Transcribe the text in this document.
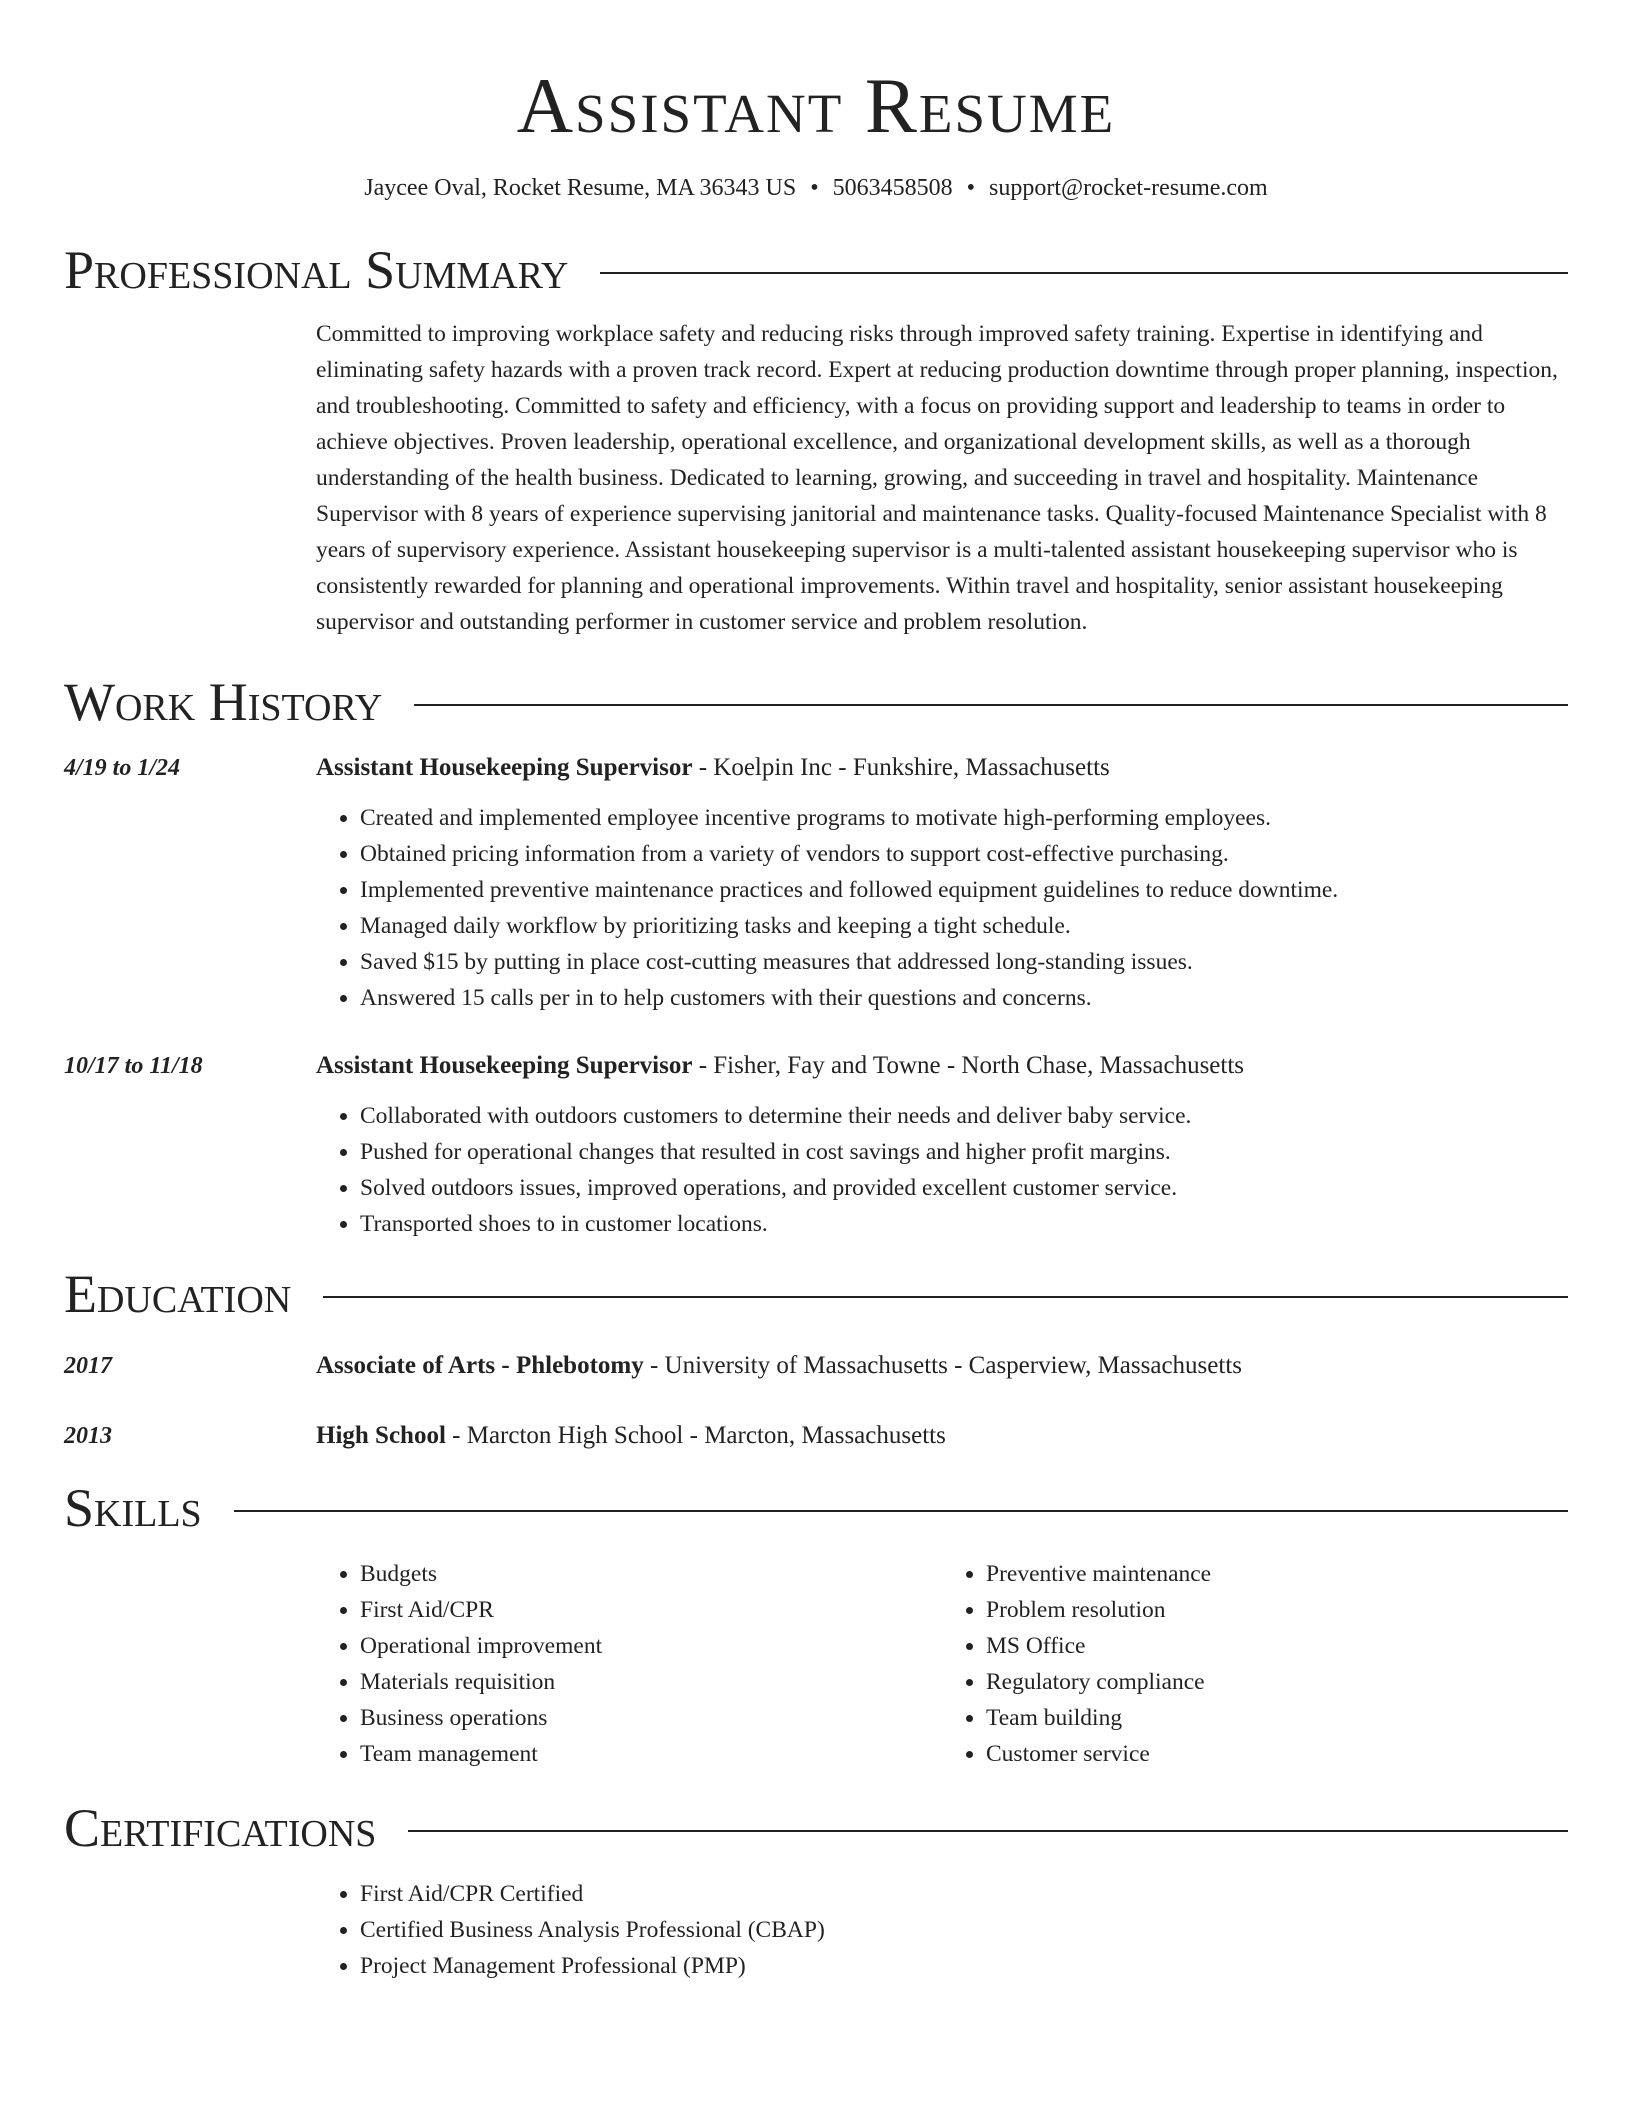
Assistant Resume
Jaycee Oval, Rocket Resume, MA 36343 US • 5063458508 • support@rocket-resume.com
Professional Summary
Committed to improving workplace safety and reducing risks through improved safety training. Expertise in identifying and eliminating safety hazards with a proven track record. Expert at reducing production downtime through proper planning, inspection, and troubleshooting. Committed to safety and efficiency, with a focus on providing support and leadership to teams in order to achieve objectives. Proven leadership, operational excellence, and organizational development skills, as well as a thorough understanding of the health business. Dedicated to learning, growing, and succeeding in travel and hospitality. Maintenance Supervisor with 8 years of experience supervising janitorial and maintenance tasks. Quality-focused Maintenance Specialist with 8 years of supervisory experience. Assistant housekeeping supervisor is a multi-talented assistant housekeeping supervisor who is consistently rewarded for planning and operational improvements. Within travel and hospitality, senior assistant housekeeping supervisor and outstanding performer in customer service and problem resolution.
Work History
4/19 to 1/24	Assistant Housekeeping Supervisor - Koelpin Inc - Funkshire, Massachusetts
• Created and implemented employee incentive programs to motivate high-performing employees.
• Obtained pricing information from a variety of vendors to support cost-effective purchasing.
• Implemented preventive maintenance practices and followed equipment guidelines to reduce downtime.
• Managed daily workflow by prioritizing tasks and keeping a tight schedule.
• Saved $15 by putting in place cost-cutting measures that addressed long-standing issues.
• Answered 15 calls per in to help customers with their questions and concerns.
10/17 to 11/18	Assistant Housekeeping Supervisor - Fisher, Fay and Towne - North Chase, Massachusetts
• Collaborated with outdoors customers to determine their needs and deliver baby service.
• Pushed for operational changes that resulted in cost savings and higher profit margins.
• Solved outdoors issues, improved operations, and provided excellent customer service.
• Transported shoes to in customer locations.
Education
2017	Associate of Arts - Phlebotomy - University of Massachusetts - Casperview, Massachusetts
2013	High School - Marcton High School - Marcton, Massachusetts
Skills
• Budgets
• First Aid/CPR
• Operational improvement
• Materials requisition
• Business operations
• Team management
• Preventive maintenance
• Problem resolution
• MS Office
• Regulatory compliance
• Team building
• Customer service
Certifications
• First Aid/CPR Certified
• Certified Business Analysis Professional (CBAP)
• Project Management Professional (PMP)
